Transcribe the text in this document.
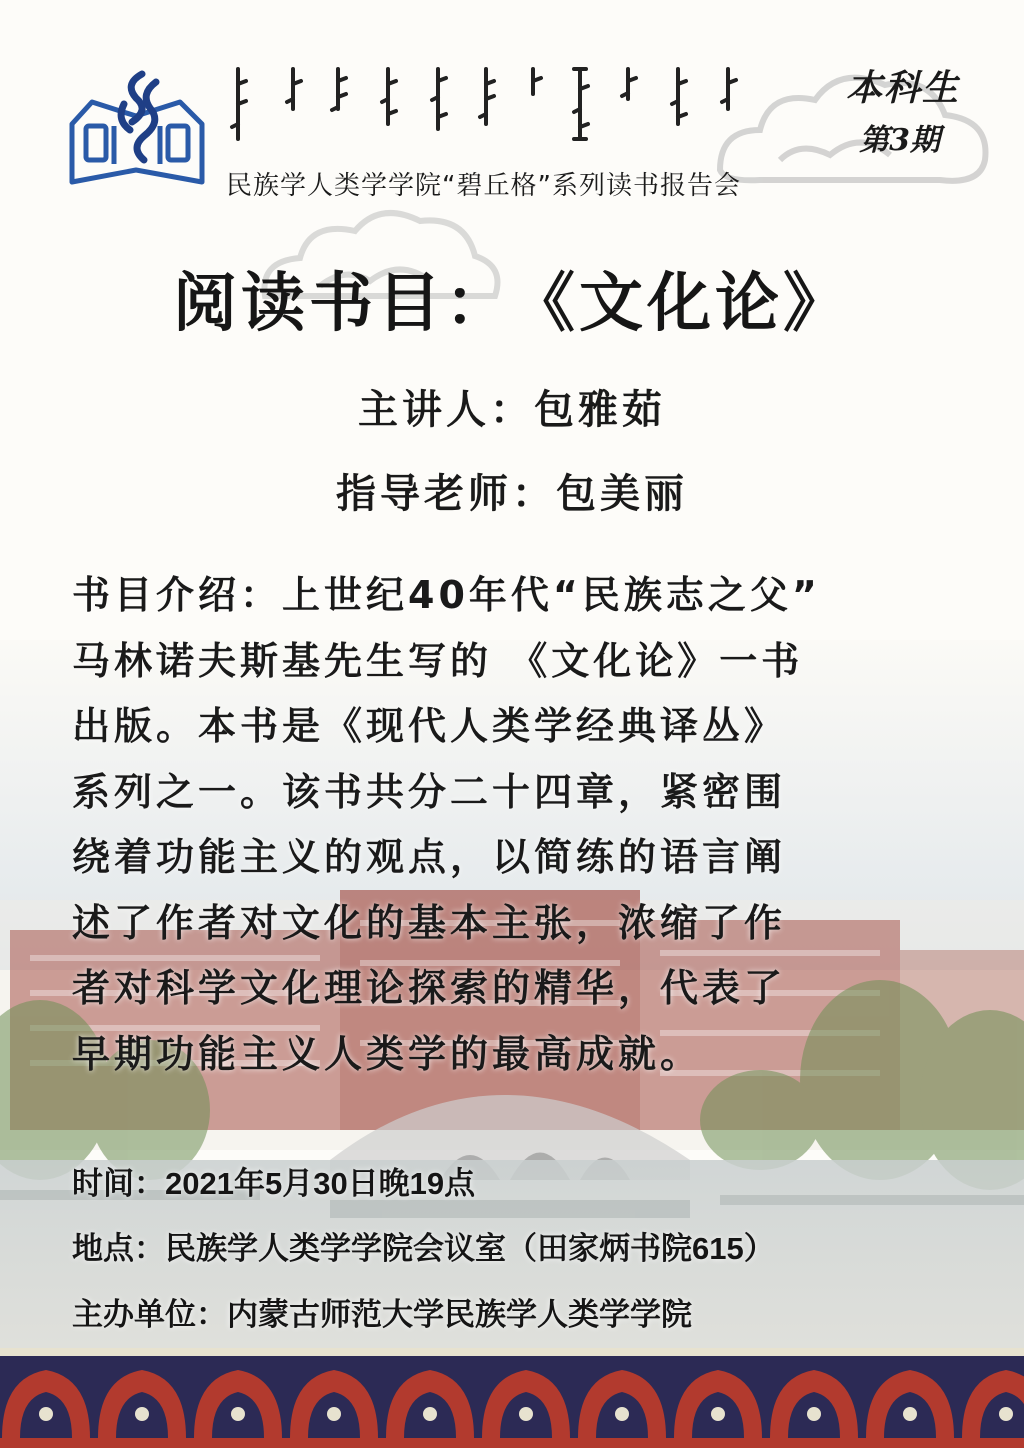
本科生
第3期
民族学人类学学院“碧丘格”系列读书报告会
阅读书目： 《文化论》
主讲人：包雅茹
指导老师：包美丽
书目介绍：上世纪40年代“民族志之父”
马林诺夫斯基先生写的 《文化论》一书
出版。本书是《现代人类学经典译丛》
系列之一。该书共分二十四章，紧密围
绕着功能主义的观点，以简练的语言阐
述了作者对文化的基本主张，浓缩了作
者对科学文化理论探索的精华，代表了
早期功能主义人类学的最高成就。
时间：2021年5月30日晚19点
地点：民族学人类学学院会议室（田家炳书院615）
主办单位：内蒙古师范大学民族学人类学学院
